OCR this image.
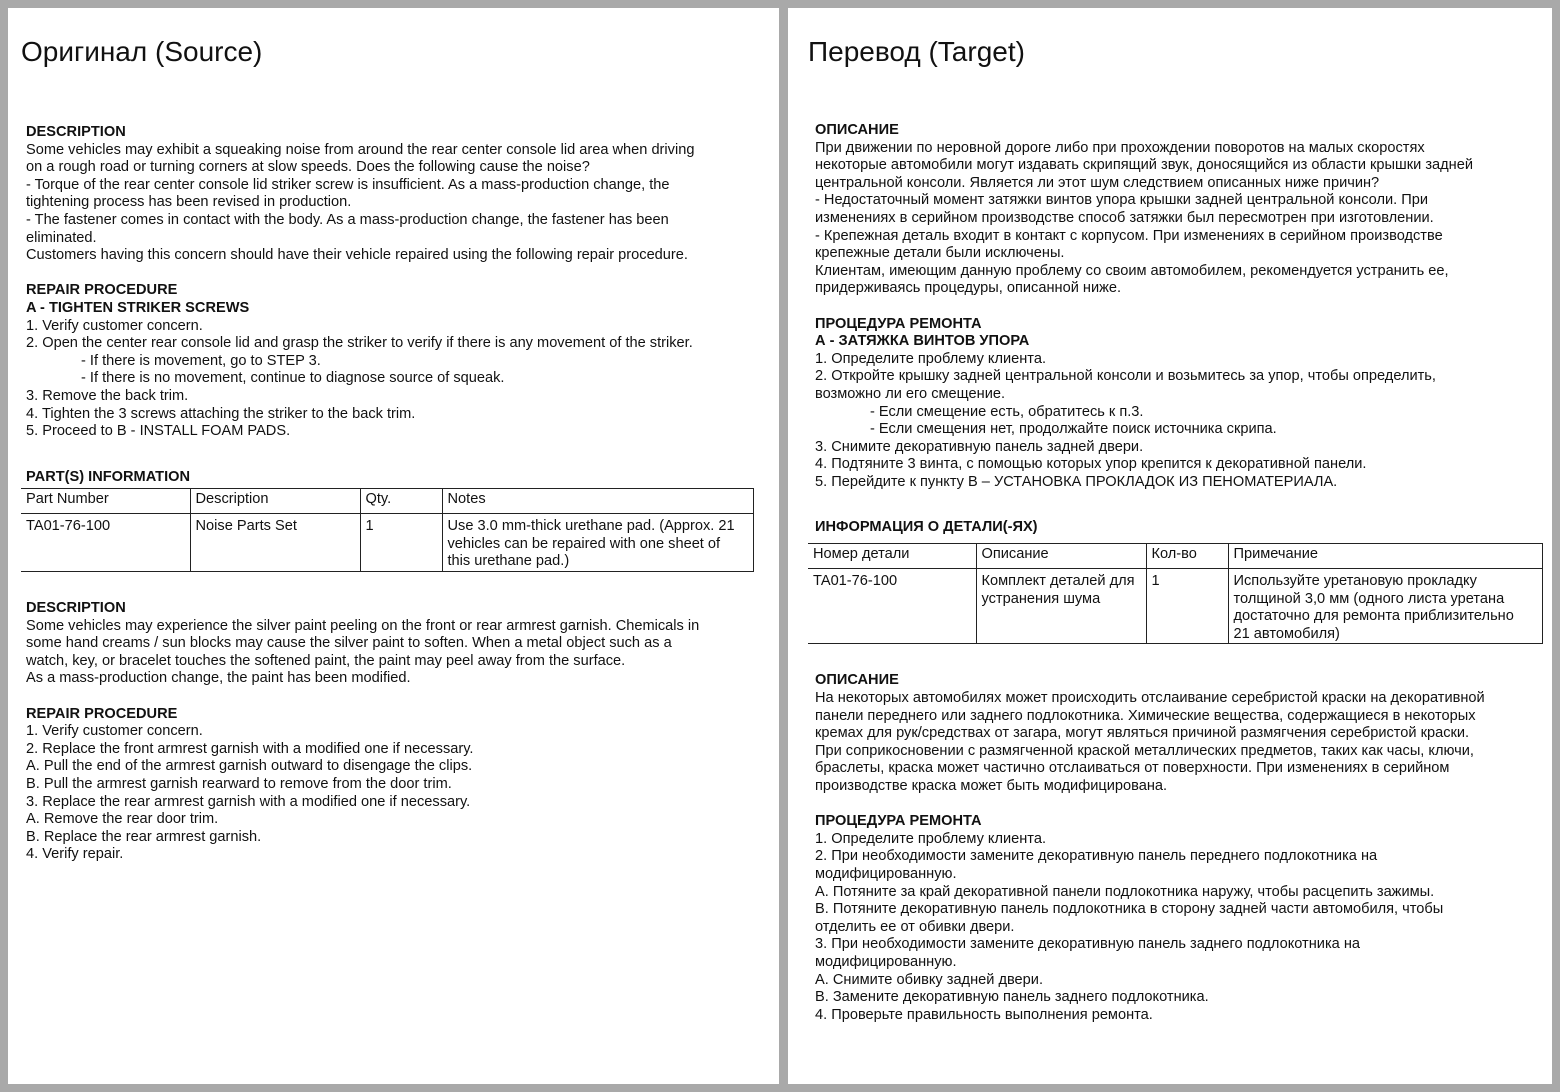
Оригинал (Source)

DESCRIPTION

Some vehicles may exhibit a squeaking noise from around the rear center console lid area when driving

on a rough road or turning corners at slow speeds. Does the following cause the noise?

- Torque of the rear center console lid striker screw is insufficient. As a mass-production change, the

tightening process has been revised in production.

- The fastener comes in contact with the body. As a mass-production change, the fastener has been

eliminated.

Customers having this concern should have their vehicle repaired using the following repair procedure.

REPAIR PROCEDURE

A - TIGHTEN STRIKER SCREWS

1. Verify customer concern.

2. Open the center rear console lid and grasp the striker to verify if there is any movement of the striker.

- If there is movement, go to STEP 3.

- If there is no movement, continue to diagnose source of squeak.

3. Remove the back trim.

4. Tighten the 3 screws attaching the striker to the back trim.

5. Proceed to B - INSTALL FOAM PADS.

PART(S) INFORMATION

Part Number	Description	Qty.	Notes
TA01-76-100	Noise Parts Set	1	Use 3.0 mm-thick urethane pad. (Approx. 21 vehicles can be repaired with one sheet of this urethane pad.)

DESCRIPTION

Some vehicles may experience the silver paint peeling on the front or rear armrest garnish. Chemicals in

some hand creams / sun blocks may cause the silver paint to soften. When a metal object such as a

watch, key, or bracelet touches the softened paint, the paint may peel away from the surface.

As a mass-production change, the paint has been modified.

REPAIR PROCEDURE

1. Verify customer concern.

2. Replace the front armrest garnish with a modified one if necessary.

A. Pull the end of the armrest garnish outward to disengage the clips.

B. Pull the armrest garnish rearward to remove from the door trim.

3. Replace the rear armrest garnish with a modified one if necessary.

A. Remove the rear door trim.

B. Replace the rear armrest garnish.

4. Verify repair.

Перевод (Target)

ОПИСАНИЕ

При движении по неровной дороге либо при прохождении поворотов на малых скоростях

некоторые автомобили могут издавать скрипящий звук, доносящийся из области крышки задней

центральной консоли. Является ли этот шум следствием описанных ниже причин?

- Недостаточный момент затяжки винтов упора крышки задней центральной консоли. При

изменениях в серийном производстве способ затяжки был пересмотрен при изготовлении.

- Крепежная деталь входит в контакт с корпусом. При изменениях в серийном производстве

крепежные детали были исключены.

Клиентам, имеющим данную проблему со своим автомобилем, рекомендуется устранить ее,

придерживаясь процедуры, описанной ниже.

ПРОЦЕДУРА РЕМОНТА

А - ЗАТЯЖКА ВИНТОВ УПОРА

1. Определите проблему клиента.

2. Откройте крышку задней центральной консоли и возьмитесь за упор, чтобы определить,

возможно ли его смещение.

- Если смещение есть, обратитесь к п.3.

- Если смещения нет, продолжайте поиск источника скрипа.

3. Снимите декоративную панель задней двери.

4. Подтяните 3 винта, с помощью которых упор крепится к декоративной панели.

5. Перейдите к пункту B – УСТАНОВКА ПРОКЛАДОК ИЗ ПЕНОМАТЕРИАЛА.

ИНФОРМАЦИЯ О ДЕТАЛИ(-ЯХ)

Номер детали	Описание	Кол-во	Примечание
TA01-76-100	Комплект деталей для устранения шума	1	Используйте уретановую прокладку толщиной 3,0 мм (одного листа уретана достаточно для ремонта приблизительно 21 автомобиля)

ОПИСАНИЕ

На некоторых автомобилях может происходить отслаивание серебристой краски на декоративной

панели переднего или заднего подлокотника. Химические вещества, содержащиеся в некоторых

кремах для рук/средствах от загара, могут являться причиной размягчения серебристой краски.

При соприкосновении с размягченной краской металлических предметов, таких как часы, ключи,

браслеты, краска может частично отслаиваться от поверхности. При изменениях в серийном

производстве краска может быть модифицирована.

ПРОЦЕДУРА РЕМОНТА

1. Определите проблему клиента.

2. При необходимости замените декоративную панель переднего подлокотника на

модифицированную.

A. Потяните за край декоративной панели подлокотника наружу, чтобы расцепить зажимы.

B. Потяните декоративную панель подлокотника в сторону задней части автомобиля, чтобы

отделить ее от обивки двери.

3. При необходимости замените декоративную панель заднего подлокотника на

модифицированную.

A. Снимите обивку задней двери.

B. Замените декоративную панель заднего подлокотника.

4. Проверьте правильность выполнения ремонта.
